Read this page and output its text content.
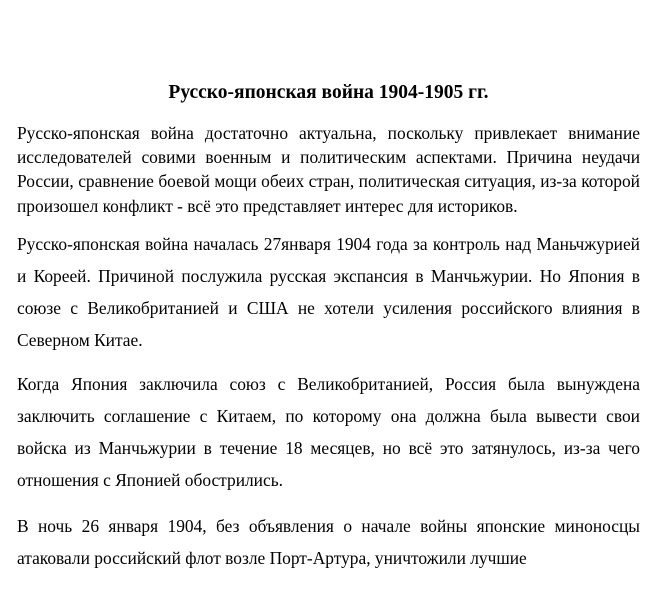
Русско-японская война 1904-1905 гг.

Русско-японская война достаточно актуальна, поскольку привлекает внимание исследователей совими военным и политическим аспектами. Причина неудачи России, сравнение боевой мощи обеих стран, политическая ситуация, из-за которой произошел конфликт - всё это представляет интерес для историков.

Русско-японская война началась 27января 1904 года за контроль над Маньчжурией и Кореей. Причиной послужила русская экспансия в Манчьжурии. Но Япония в союзе с Великобританией и США не хотели усиления российского влияния в Северном Китае.

Когда Япония заключила союз с Великобританией, Россия была вынуждена заключить соглашение с Китаем, по которому она должна была вывести свои войска из Манчьжурии в течение 18 месяцев, но всё это затянулось, из-за чего отношения с Японией обострились.

В ночь 26 января 1904, без объявления о начале войны японские миноносцы атаковали российский флот возле Порт-Артура, уничтожили лучшие
